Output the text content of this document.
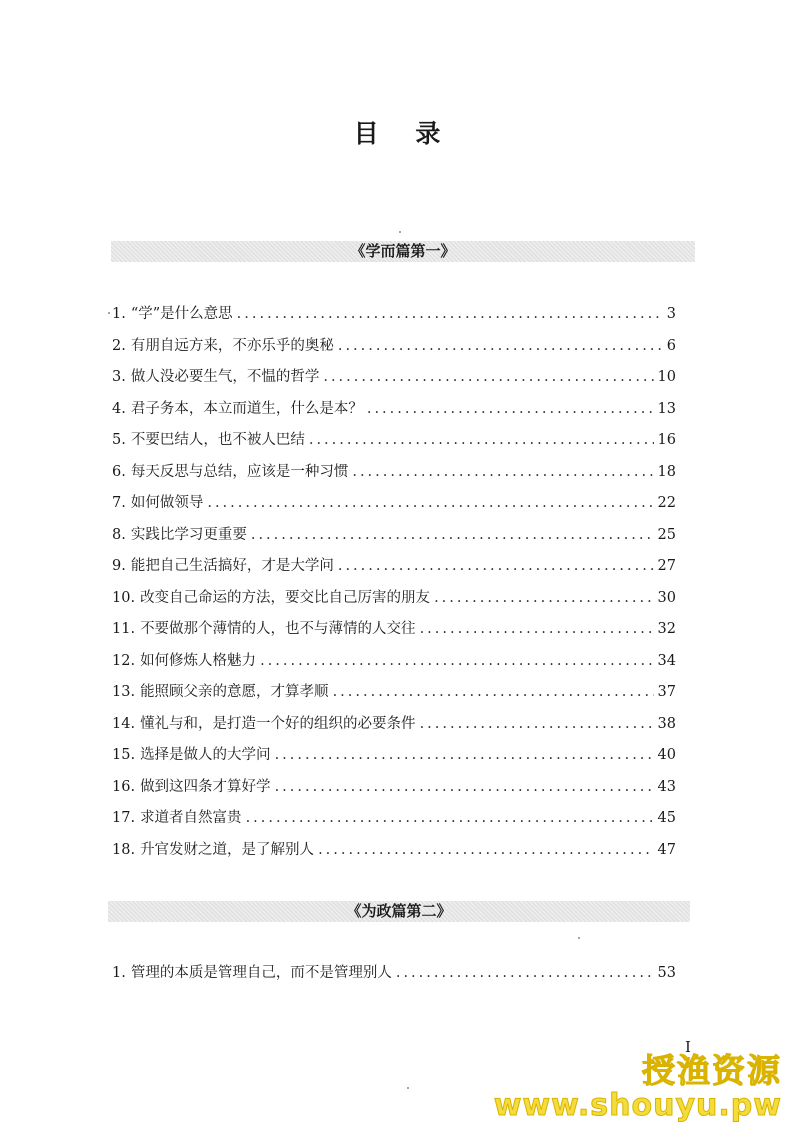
目 录
《学而篇第一》
1. “学”是什么意思 .....	3
2. 有朋自远方来，不亦乐乎的奥秘 .....	6
3. 做人没必要生气，不愠的哲学 .....	10
4. 君子务本，本立而道生，什么是本？ .....	13
5. 不要巴结人，也不被人巴结 .....	16
6. 每天反思与总结，应该是一种习惯 .....	18
7. 如何做领导 .....	22
8. 实践比学习更重要 .....	25
9. 能把自己生活搞好，才是大学问 .....	27
10. 改变自己命运的方法，要交比自己厉害的朋友 .....	30
11. 不要做那个薄情的人，也不与薄情的人交往 .....	32
12. 如何修炼人格魅力 .....	34
13. 能照顾父亲的意愿，才算孝顺 .....	37
14. 懂礼与和，是打造一个好的组织的必要条件 .....	38
15. 选择是做人的大学问 .....	40
16. 做到这四条才算好学 .....	43
17. 求道者自然富贵 .....	45
18. 升官发财之道，是了解别人 .....	47
《为政篇第二》
1. 管理的本质是管理自己，而不是管理别人 .....	53
I
授渔资源
www.shouyu.pw
